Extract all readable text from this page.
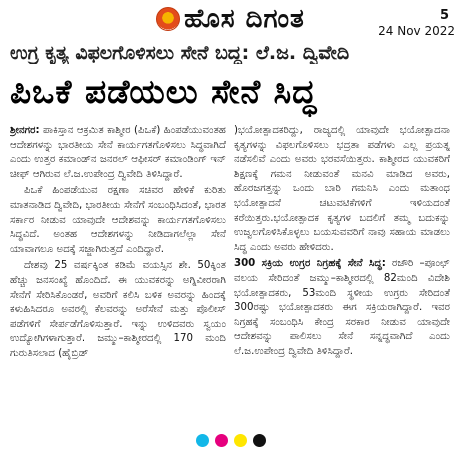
ಹೊಸ ದಿಗಂತ	5
24 Nov 2022
ಉಗ್ರ ಕೃತ್ಯ ವಿಫಲಗೊಳಿಸಲು ಸೇನೆ ಬದ್ಧ: ಲೆ.ಜ. ದ್ವಿವೇದಿ
ಪಿಒಕೆ ಪಡೆಯಲು ಸೇನೆ ಸಿದ್ಧ

ಶ್ರೀನಗರ: ಪಾಕಿಸ್ತಾನ ಆಕ್ರಮಿತ ಕಾಶ್ಮೀರ (ಪಿಒಕೆ) ಹಿಂಪಡೆಯುವಂತಹ ಆದೇಶಗಳನ್ನು ಭಾರತೀಯ ಸೇನೆ ಕಾರ್ಯಗತಗೊಳಿಸಲು ಸಿದ್ಧವಾಗಿದೆ ಎಂದು ಉತ್ತರ ಕಮಾಂಡ್‌ನ ಜನರಲ್ ಆಫೀಸರ್ ಕಮಾಂಡಿಂಗ್ ಇನ್ ಚೀಫ್ ಆಗಿರುವ ಲೆ.ಜ.ಉಪೇಂದ್ರ ದ್ವಿವೇದಿ ತಿಳಿಸಿದ್ದಾರೆ.

ಪಿಒಕೆ ಹಿಂಪಡೆಯುವ ರಕ್ಷಣಾ ಸಚಿವರ ಹೇಳಿಕೆ ಕುರಿತು ಮಾತನಾಡಿದ ದ್ವಿವೇದಿ, ಭಾರತೀಯ ಸೇನೆಗೆ ಸಂಬಂಧಿಸಿದಂತೆ, ಭಾರತ ಸರ್ಕಾರ ನೀಡುವ ಯಾವುದೇ ಆದೇಶವನ್ನು ಕಾರ್ಯಗತಗೊಳಿಸಲು ಸಿದ್ಧವಿದೆ. ಅಂತಹ ಆದೇಶಗಳನ್ನು ನೀಡಿದಾಗಲೆಲ್ಲಾ ಸೇನೆ ಯಾವಾಗಲೂ ಅದಕ್ಕೆ ಸಜ್ಜಾಗಿರುತ್ತದೆ ಎಂದಿದ್ದಾರೆ.

ದೇಶವು 25 ವರ್ಷಕ್ಕಿಂತ ಕಡಿಮೆ ವಯಸ್ಸಿನ ಶೇ. 50ಕ್ಕಿಂತ ಹೆಚ್ಚು ಜನಸಂಖ್ಯೆ ಹೊಂದಿದೆ. ಈ ಯುವಕರನ್ನು ಅಗ್ನಿವೀರರಾಗಿ ಸೇನೆಗೆ ಸೇರಿಸಿಕೊಂಡರೆ, ಅವರಿಗೆ ಕಲಿಸಿ ಬಳಿಕ ಅವರನ್ನು ಹಿಂದಕ್ಕೆ ಕಳುಹಿಸಿದರೂ ಅವರಲ್ಲಿ ಕೆಲವರನ್ನು ಅರೆಸೇನೆ ಮತ್ತು ಪೊಲೀಸ್ ಪಡೆಗಳಿಗೆ ಸೇರ್ಪಡೆಗೊಳಿಸುತ್ತಾರೆ. ಇನ್ನು ಉಳಿದವರು ಸ್ವಯಂ ಉದ್ಯೋಗಿಗಳಾಗುತ್ತಾರೆ. ಜಮ್ಮು–ಕಾಶ್ಮೀರದಲ್ಲಿ 170 ಮಂದಿ ಗುರುತಿಸಲಾದ (ಹೈಬ್ರಿಡ್

)ಭಯೋತ್ಪಾದಕರಿದ್ದು, ರಾಜ್ಯದಲ್ಲಿ ಯಾವುದೇ ಭಯೋತ್ಪಾದನಾ ಕೃತ್ಯಗಳನ್ನು ವಿಫಲಗೊಳಿಸಲು ಭದ್ರತಾ ಪಡೆಗಳು ಎಲ್ಲ ಪ್ರಯತ್ನ ನಡೆಸಲಿವೆ ಎಂದು ಅವರು ಭರವಸೆಯಿತ್ತರು. ಕಾಶ್ಮೀರದ ಯುವಕರಿಗೆ ಶಿಕ್ಷಣಕ್ಕೆ ಗಮನ ನೀಡುವಂತೆ ಮನವಿ ಮಾಡಿದ ಅವರು, ಹೊರಜಗತ್ತನ್ನು ಒಂದು ಬಾರಿ ಗಮನಿಸಿ ಎಂದು ಮತಾಂಧ ಭಯೋತ್ಪಾದನೆ ಚಟುವಟಿಕೆಗಳಿಗೆ ಇಳಿಯದಂತೆ ಕರೆಯಿತ್ತರು.ಭಯೋತ್ಪಾದಕ ಕೃತ್ಯಗಳ ಬದಲಿಗೆ ತಮ್ಮ ಬದುಕನ್ನು ಉಜ್ವಲಗೊಳಿಸಿಕೊಳ್ಳಲು ಬಯಸುವವರಿಗೆ ನಾವು ಸಹಾಯ ಮಾಡಲು ಸಿದ್ಧ ಎಂದು ಅವರು ಹೇಳಿದರು.

300 ಸಕ್ರಿಯ ಉಗ್ರರ ನಿಗ್ರಹಕ್ಕೆ ಸೇನೆ ಸಿದ್ಧ: ರಜೌರಿ –ಪೂಂಛ್ ವಲಯ ಸೇರಿದಂತೆ ಜಮ್ಮು–ಕಾಶ್ಮೀರದಲ್ಲಿ 82ಮಂದಿ ವಿದೇಶಿ ಭಯೋತ್ಪಾದಕರು, 53ಮಂದಿ ಸ್ಥಳೀಯ ಉಗ್ರರು ಸೇರಿದಂತೆ 300ರಷ್ಟು ಭಯೋತ್ಪಾದಕರು ಈಗ ಸಕ್ರಿಯರಾಗಿದ್ದಾರೆ. ಇವರ ನಿಗ್ರಹಕ್ಕೆ ಸಂಬಂಧಿಸಿ ಕೇಂದ್ರ ಸರಕಾರ ನೀಡುವ ಯಾವುದೇ ಆದೇಶವನ್ನು ಪಾಲಿಸಲು ಸೇನೆ ಸನ್ನದ್ಧವಾಗಿದೆ ಎಂದು ಲೆ.ಜ.ಉಪೇಂದ್ರ ದ್ವಿವೇದಿ ತಿಳಿಸಿದ್ದಾರೆ.
